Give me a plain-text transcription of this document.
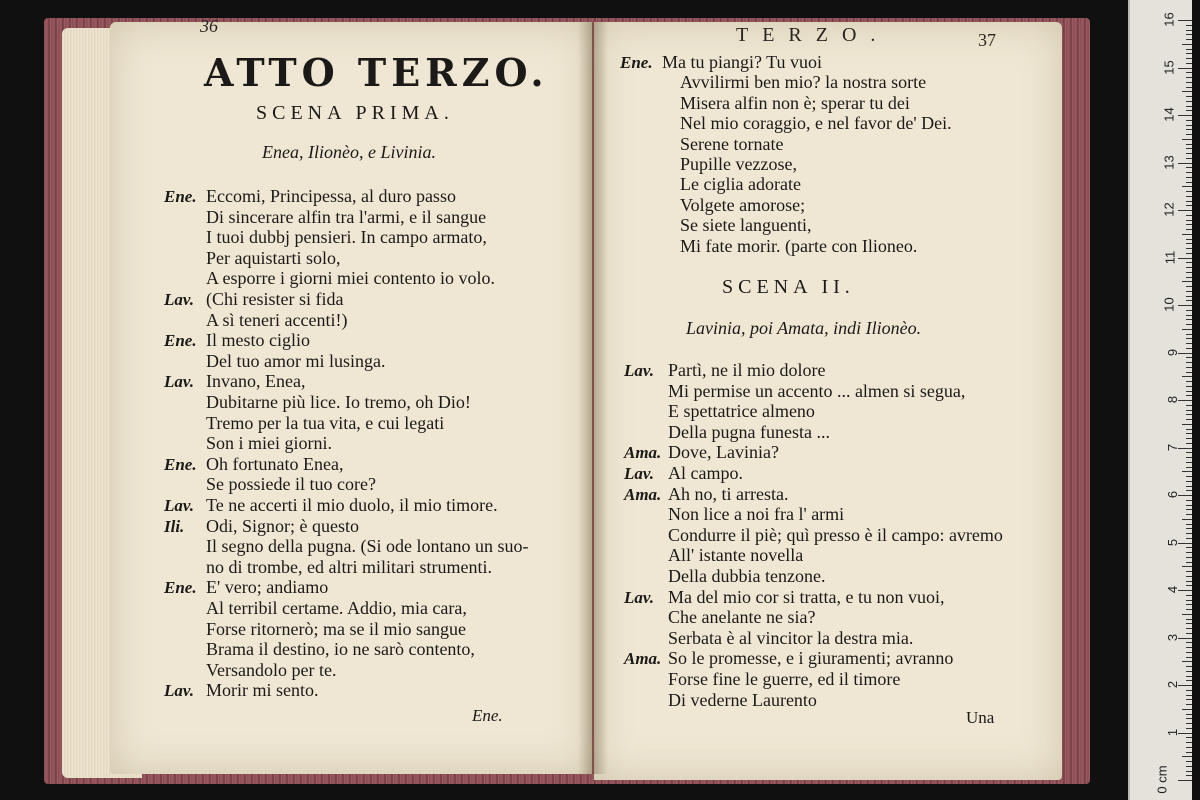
36
ATTO TERZO.
SCENA PRIMA.
Enea, Ilionèo, e Livinia.
Ene. Eccomi, Principessa, al duro passo
Di sincerare alfin tra l'armi, e il sangue
I tuoi dubbj pensieri. In campo armato,
Per aquistarti solo,
A esporre i giorni miei contento io volo.
Lav. (Chi resister si fida
A sì teneri accenti!)
Ene. Il mesto ciglio
Del tuo amor mi lusinga.
Lav. Invano, Enea,
Dubitarne più lice. Io tremo, oh Dio!
Tremo per la tua vita, e cui legati
Son i miei giorni.
Ene. Oh fortunato Enea,
Se possiede il tuo core?
Lav. Te ne accerti il mio duolo, il mio timore.
Ili. Odi, Signor; è questo
Il segno della pugna. (Si ode lontano un suo-
no di trombe, ed altri militari strumenti.
Ene. E' vero; andiamo
Al terribil certame. Addio, mia cara,
Forse ritornerò; ma se il mio sangue
Brama il destino, io ne sarò contento,
Versandolo per te.
Lav. Morir mi sento.
Ene.
TERZO.	37
Ene. Ma tu piangi? Tu vuoi
Avvilirmi ben mio? la nostra sorte
Misera alfin non è; sperar tu dei
Nel mio coraggio, e nel favor de' Dei.
Serene tornate
Pupille vezzose,
Le ciglia adorate
Volgete amorose;
Se siete languenti,
Mi fate morir. (parte con Ilioneo.
SCENA II.
Lavinia, poi Amata, indi Ilionèo.
Lav. Partì, ne il mio dolore
Mi permise un accento ... almen si segua,
E spettatrice almeno
Della pugna funesta ...
Ama. Dove, Lavinia?
Lav. Al campo.
Ama. Ah no, ti arresta.
Non lice a noi fra l' armi
Condurre il piè; quì presso è il campo: avremo
All' istante novella
Della dubbia tenzone.
Lav. Ma del mio cor si tratta, e tu non vuoi,
Che anelante ne sia?
Serbata è al vincitor la destra mia.
Ama. So le promesse, e i giuramenti; avranno
Forse fine le guerre, ed il timore
Di vederne Laurento
Una
0 cm
1
2
3
4
5
6
7
8
9
10
11
12
13
14
15
16
